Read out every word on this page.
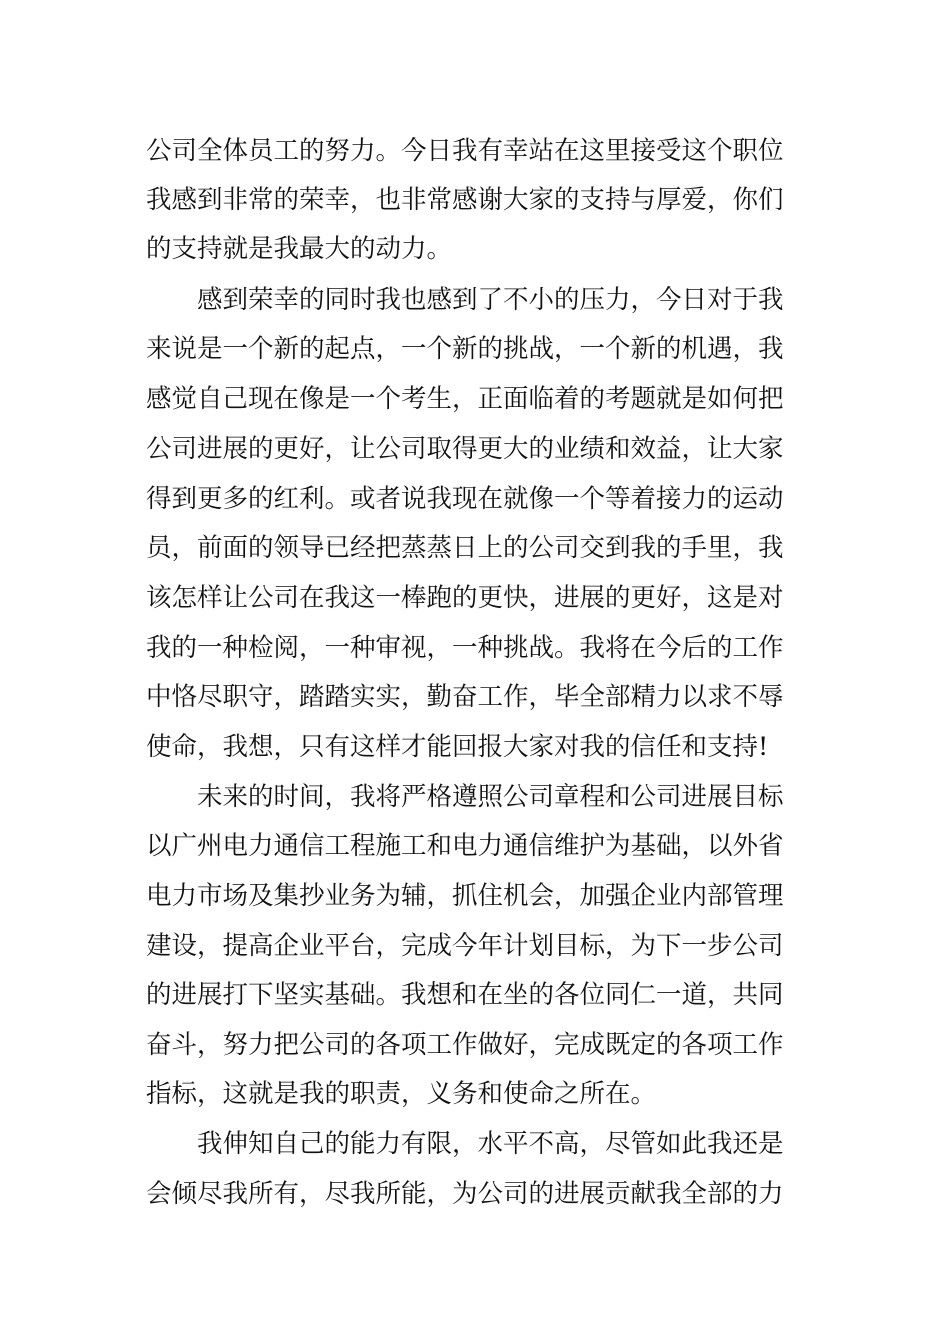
公司全体员工的努力。今日我有幸站在这里接受这个职位
我感到非常的荣幸，也非常感谢大家的支持与厚爱，你们
的支持就是我最大的动力。
感到荣幸的同时我也感到了不小的压力，今日对于我
来说是一个新的起点，一个新的挑战，一个新的机遇，我
感觉自己现在像是一个考生，正面临着的考题就是如何把
公司进展的更好，让公司取得更大的业绩和效益，让大家
得到更多的红利。或者说我现在就像一个等着接力的运动
员，前面的领导已经把蒸蒸日上的公司交到我的手里，我
该怎样让公司在我这一棒跑的更快，进展的更好，这是对
我的一种检阅，一种审视，一种挑战。我将在今后的工作
中恪尽职守，踏踏实实，勤奋工作，毕全部精力以求不辱
使命，我想，只有这样才能回报大家对我的信任和支持!
未来的时间，我将严格遵照公司章程和公司进展目标
以广州电力通信工程施工和电力通信维护为基础，以外省
电力市场及集抄业务为辅，抓住机会，加强企业内部管理
建设，提高企业平台，完成今年计划目标，为下一步公司
的进展打下坚实基础。我想和在坐的各位同仁一道，共同
奋斗，努力把公司的各项工作做好，完成既定的各项工作
指标，这就是我的职责，义务和使命之所在。
我伸知自己的能力有限，水平不高，尽管如此我还是
会倾尽我所有，尽我所能，为公司的进展贡献我全部的力
